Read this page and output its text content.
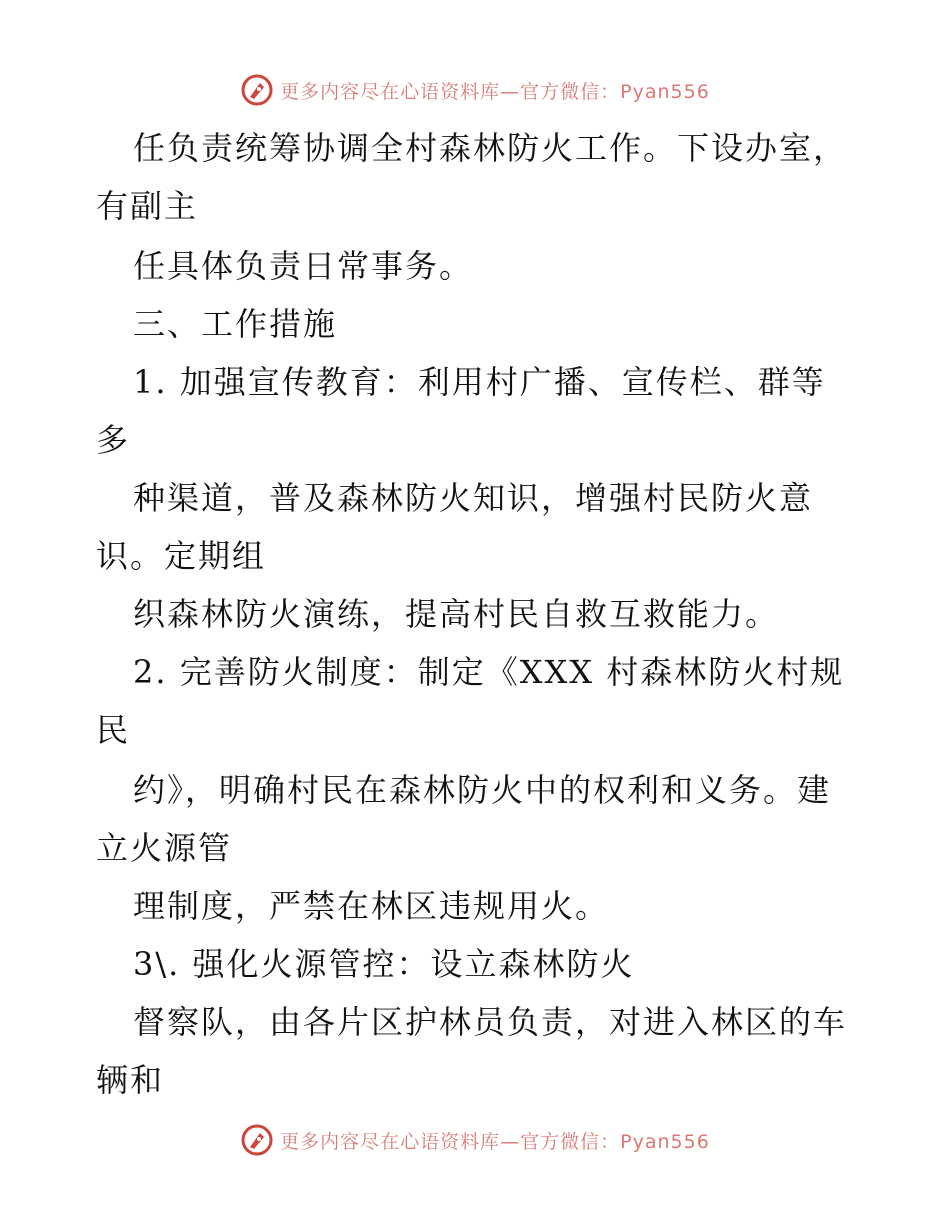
更多内容尽在心语资料库—官方微信：Pyan556
任负责统筹协调全村森林防火工作。下设办室，
有副主
任具体负责日常事务。
三、工作措施
1. 加强宣传教育：利用村广播、宣传栏、群等
多
种渠道，普及森林防火知识，增强村民防火意
识。定期组
织森林防火演练，提高村民自救互救能力。
2. 完善防火制度：制定《XXX 村森林防火村规
民
约》，明确村民在森林防火中的权利和义务。建
立火源管
理制度，严禁在林区违规用火。
3\. 强化火源管控：设立森林防火
督察队，由各片区护林员负责，对进入林区的车
辆和
更多内容尽在心语资料库—官方微信：Pyan556
